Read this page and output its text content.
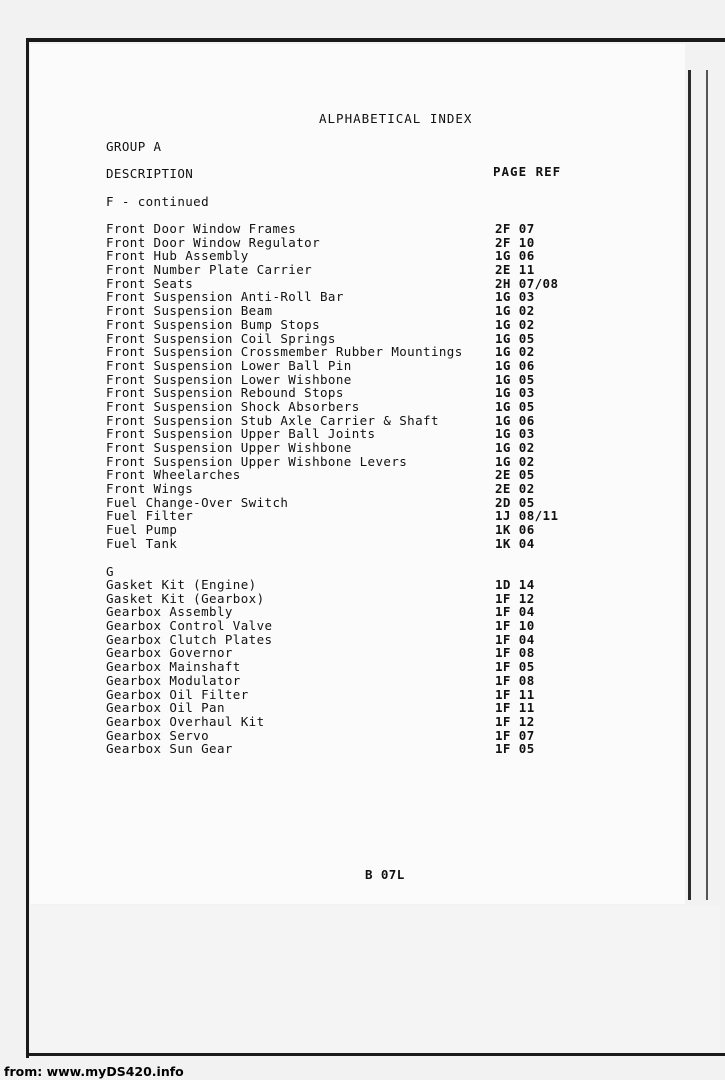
ALPHABETICAL INDEX
GROUP A
DESCRIPTION	PAGE REF
F - continued
Front Door Window Frames	2F 07
Front Door Window Regulator	2F 10
Front Hub Assembly	1G 06
Front Number Plate Carrier	2E 11
Front Seats	2H 07/08
Front Suspension Anti-Roll Bar	1G 03
Front Suspension Beam	1G 02
Front Suspension Bump Stops	1G 02
Front Suspension Coil Springs	1G 05
Front Suspension Crossmember Rubber Mountings	1G 02
Front Suspension Lower Ball Pin	1G 06
Front Suspension Lower Wishbone	1G 05
Front Suspension Rebound Stops	1G 03
Front Suspension Shock Absorbers	1G 05
Front Suspension Stub Axle Carrier & Shaft	1G 06
Front Suspension Upper Ball Joints	1G 03
Front Suspension Upper Wishbone	1G 02
Front Suspension Upper Wishbone Levers	1G 02
Front Wheelarches	2E 05
Front Wings	2E 02
Fuel Change-Over Switch	2D 05
Fuel Filter	1J 08/11
Fuel Pump	1K 06
Fuel Tank	1K 04
G
Gasket Kit (Engine)	1D 14
Gasket Kit (Gearbox)	1F 12
Gearbox Assembly	1F 04
Gearbox Control Valve	1F 10
Gearbox Clutch Plates	1F 04
Gearbox Governor	1F 08
Gearbox Mainshaft	1F 05
Gearbox Modulator	1F 08
Gearbox Oil Filter	1F 11
Gearbox Oil Pan	1F 11
Gearbox Overhaul Kit	1F 12
Gearbox Servo	1F 07
Gearbox Sun Gear	1F 05
B 07L
from: www.myDS420.info
